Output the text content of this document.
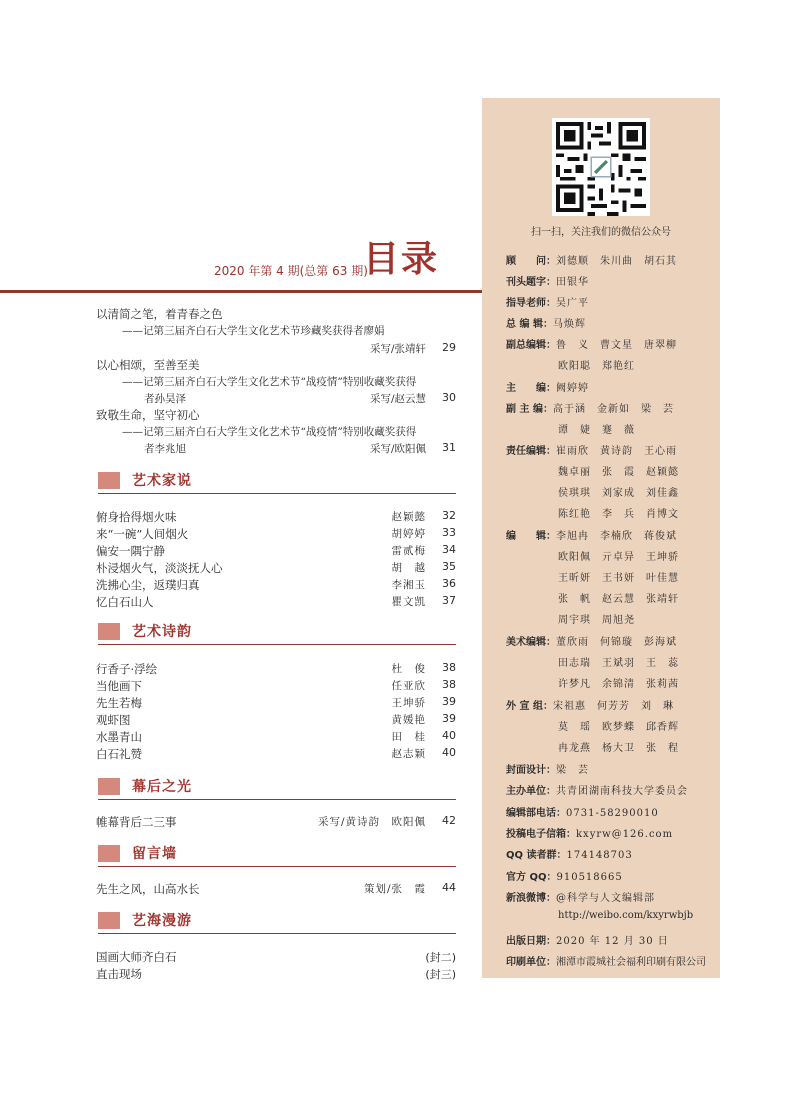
2020 年第 4 期(总第 63 期)
目录
以清简之笔，着青春之色
——记第三届齐白石大学生文化艺术节珍藏奖获得者廖娟
采写/张靖轩	29
以心相颂，至善至美
——记第三届齐白石大学生文化艺术节“战疫情”特别收藏奖获得
者孙昊泽	采写/赵云慧	30
致敬生命，坚守初心
——记第三届齐白石大学生文化艺术节“战疫情”特别收藏奖获得
者李兆旭	采写/欧阳佩	31
艺术家说
俯身拾得烟火味	赵颖懿	32
来“一碗”人间烟火	胡婷婷	33
偏安一隅宁静	雷贰梅	34
朴浸烟火气，淡淡抚人心	胡　越	35
洗拂心尘，返璞归真	李湘玉	36
忆白石山人	瞿文凯	37
艺术诗韵
行香子·浮绘	杜　俊	38
当他画下	任亚欣	38
先生若梅	王坤骄	39
观虾图	黄媛艳	39
水墨青山	田　桂	40
白石礼赞	赵志颖	40
幕后之光
帷幕背后二三事	采写/黄诗韵　欧阳佩	42
留言墙
先生之风，山高水长	策划/张　霞	44
艺海漫游
国画大师齐白石	(封二)
直击现场	(封三)
扫一扫，关注我们的微信公众号
顾　　问：刘德顺　朱川曲　胡石其
刊头题字：田银华
指导老师：吴广平
总 编 辑：马焕辉
副总编辑：鲁　义　曹文星　唐翠柳
欧阳聪　郑艳红
主　　编：阙婷婷
副 主 编：高于涵　金新如　梁　芸
谭　婕　蹇　薇
责任编辑：崔雨欣　黄诗韵　王心雨
魏卓丽　张　霞　赵颖懿
侯琪琪　刘家成　刘佳鑫
陈红艳　李　兵　肖博文
编　　辑：李旭冉　李楠欣　蒋俊斌
欧阳佩　亓卓异　王坤骄
王昕妍　王书妍　叶佳慧
张　帆　赵云慧　张靖轩
周宇琪　周旭尧
美术编辑：董欣雨　何锦璇　彭海斌
田志瑞　王斌羽　王　蕊
许梦凡　余锦清　张莉茜
外 宣 组：宋祖惠　何芳芳　刘　琳
莫　瑶　欧梦蝶　邱香辉
冉龙燕　杨大卫　张　程
封面设计：梁　芸
主办单位：共青团湖南科技大学委员会
编辑部电话：0731-58290010
投稿电子信箱：kxyrw@126.com
QQ 读者群：174148703
官方 QQ：910518665
新浪微博：@科学与人文编辑部
http://weibo.com/kxyrwbjb
出版日期：2020 年 12 月 30 日
印刷单位：湘潭市霞城社会福利印刷有限公司
